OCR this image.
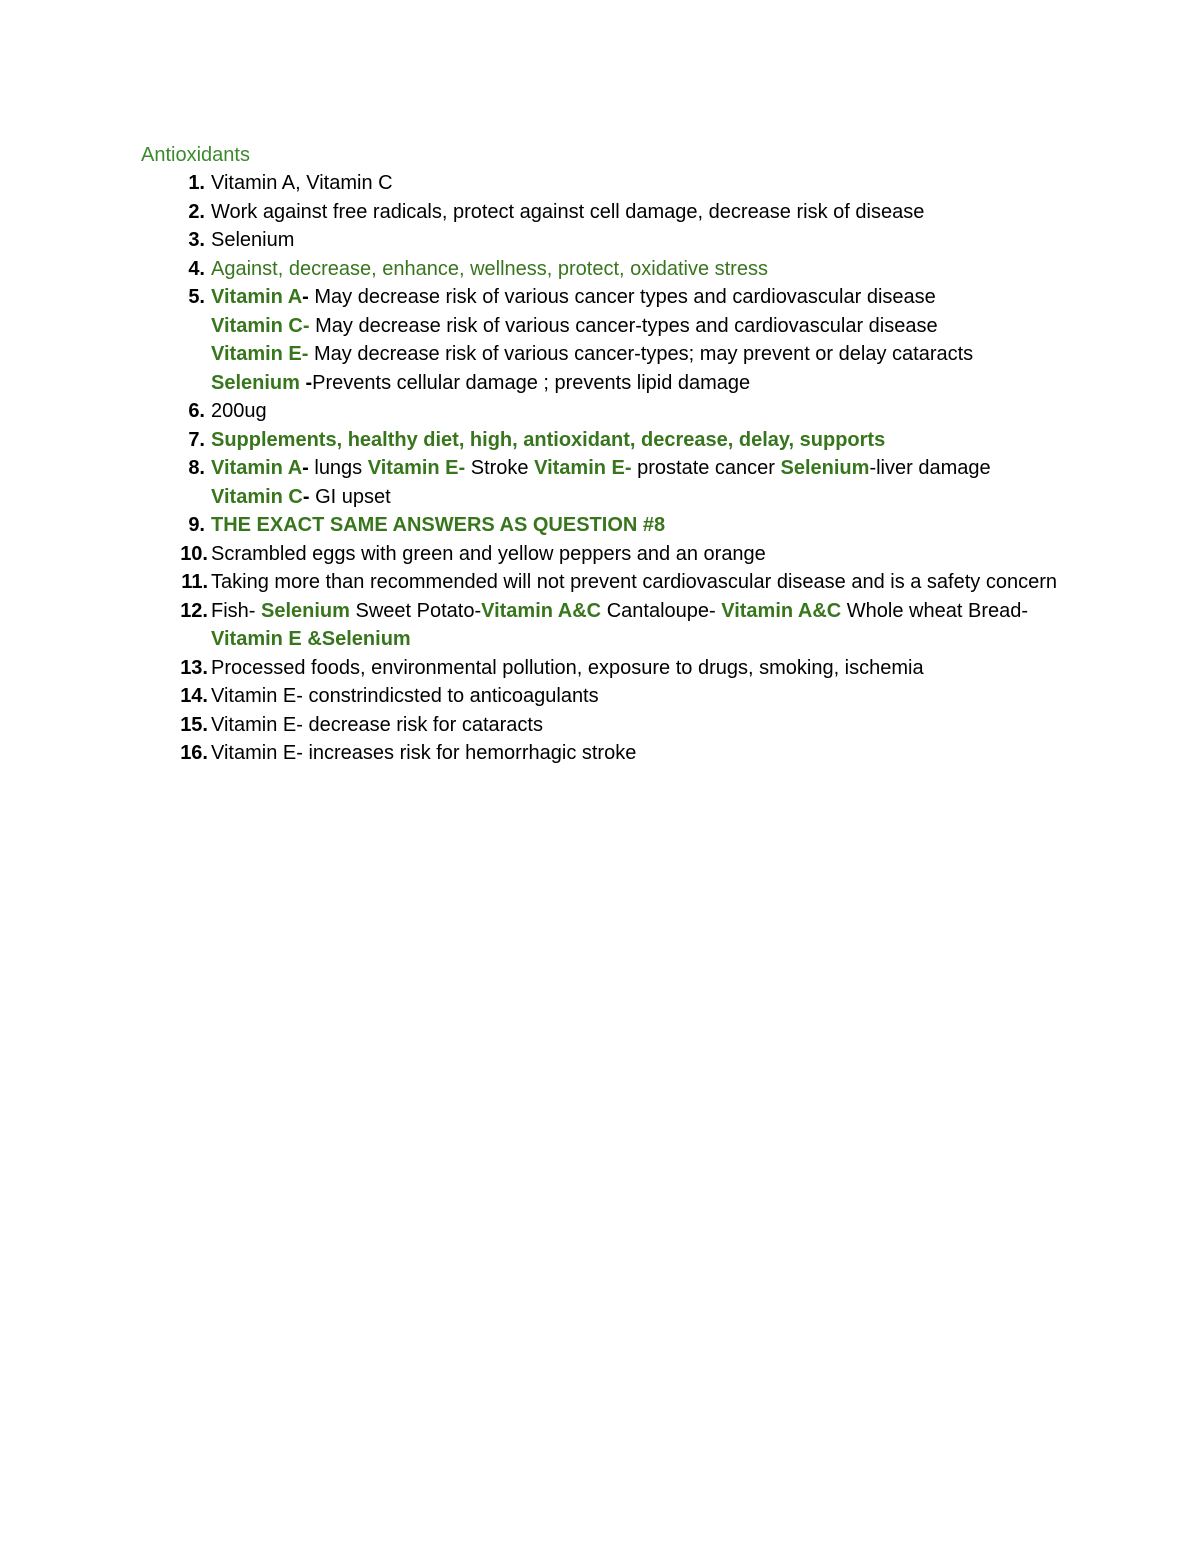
Antioxidants
1. Vitamin A, Vitamin C
2. Work against free radicals, protect against cell damage, decrease risk of disease
3. Selenium
4. Against, decrease, enhance, wellness, protect, oxidative stress
5. Vitamin A- May decrease risk of various cancer types and cardiovascular disease
Vitamin C- May decrease risk of various cancer-types and cardiovascular disease
Vitamin E- May decrease risk of various cancer-types; may prevent or delay cataracts
Selenium -Prevents cellular damage ; prevents lipid damage
6. 200ug
7. Supplements, healthy diet, high, antioxidant, decrease, delay, supports
8. Vitamin A- lungs Vitamin E- Stroke Vitamin E- prostate cancer Selenium-liver damage
Vitamin C- GI upset
9. THE EXACT SAME ANSWERS AS QUESTION #8
10. Scrambled eggs with green and yellow peppers and an orange
11. Taking more than recommended will not prevent cardiovascular disease and is a safety concern
12. Fish- Selenium Sweet Potato-Vitamin A&C Cantaloupe- Vitamin A&C Whole wheat Bread- Vitamin E &Selenium
13. Processed foods, environmental pollution, exposure to drugs, smoking, ischemia
14. Vitamin E- constrindicsted to anticoagulants
15. Vitamin E- decrease risk for cataracts
16. Vitamin E- increases risk for hemorrhagic stroke
